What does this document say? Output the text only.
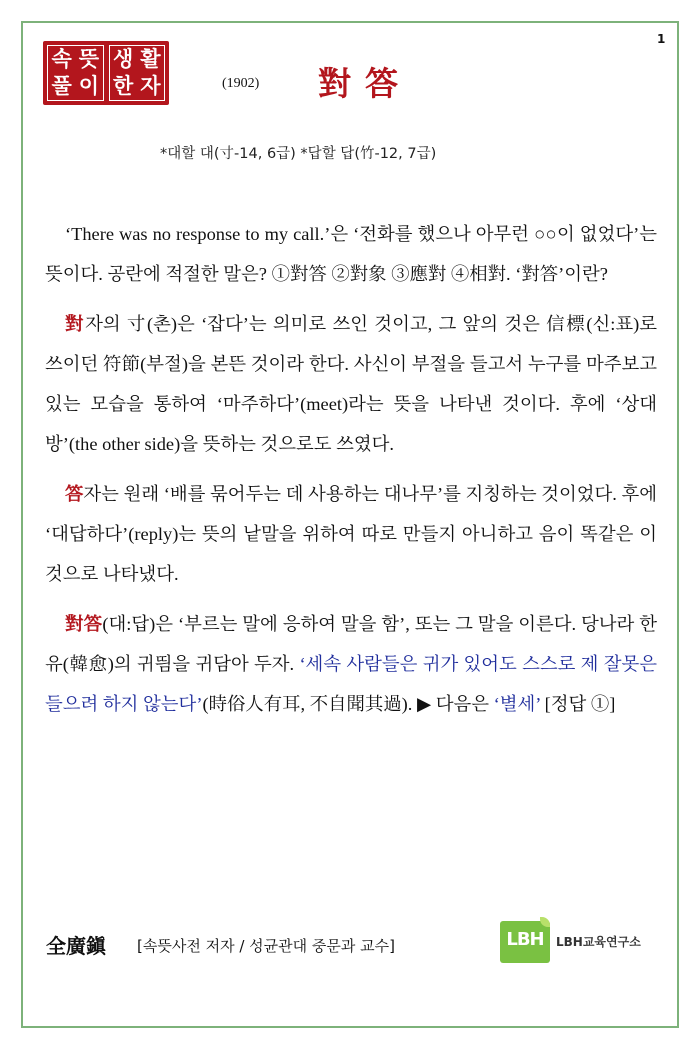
1
속 뜻
풀 이
생 활
한 자	(1902) 對答
*대할 대(寸-14, 6급) *답할 답(竹-12, 7급)

‘There was no response to my call.’은 ‘전화를 했으나 아무런 ○○이 없었다’는 뜻이다. 공란에 적절한 말은? ①對答 ②對象 ③應對 ④相對. ‘對答’이란?

對자의 寸(촌)은 ‘잡다’는 의미로 쓰인 것이고, 그 앞의 것은 信標(신:표)로 쓰이던 符節(부절)을 본뜬 것이라 한다. 사신이 부절을 들고서 누구를 마주보고 있는 모습을 통하여 ‘마주하다’(meet)라는 뜻을 나타낸 것이다. 후에 ‘상대방’(the other side)을 뜻하는 것으로도 쓰였다.

答자는 원래 ‘배를 묶어두는 데 사용하는 대나무’를 지칭하는 것이었다. 후에 ‘대답하다’(reply)는 뜻의 낱말을 위하여 따로 만들지 아니하고 음이 똑같은 이것으로 나타냈다.

對答(대:답)은 ‘부르는 말에 응하여 말을 함’, 또는 그 말을 이른다. 당나라 한유(韓愈)의 귀띔을 귀담아 두자. ‘세속 사람들은 귀가 있어도 스스로 제 잘못은 들으려 하지 않는다’(時俗人有耳, 不自聞其過). ▶ 다음은 ‘별세’ [정답 ①]

全廣鎭 [속뜻사전 저자 / 성균관대 중문과 교수]	LBH	LBH교육연구소
